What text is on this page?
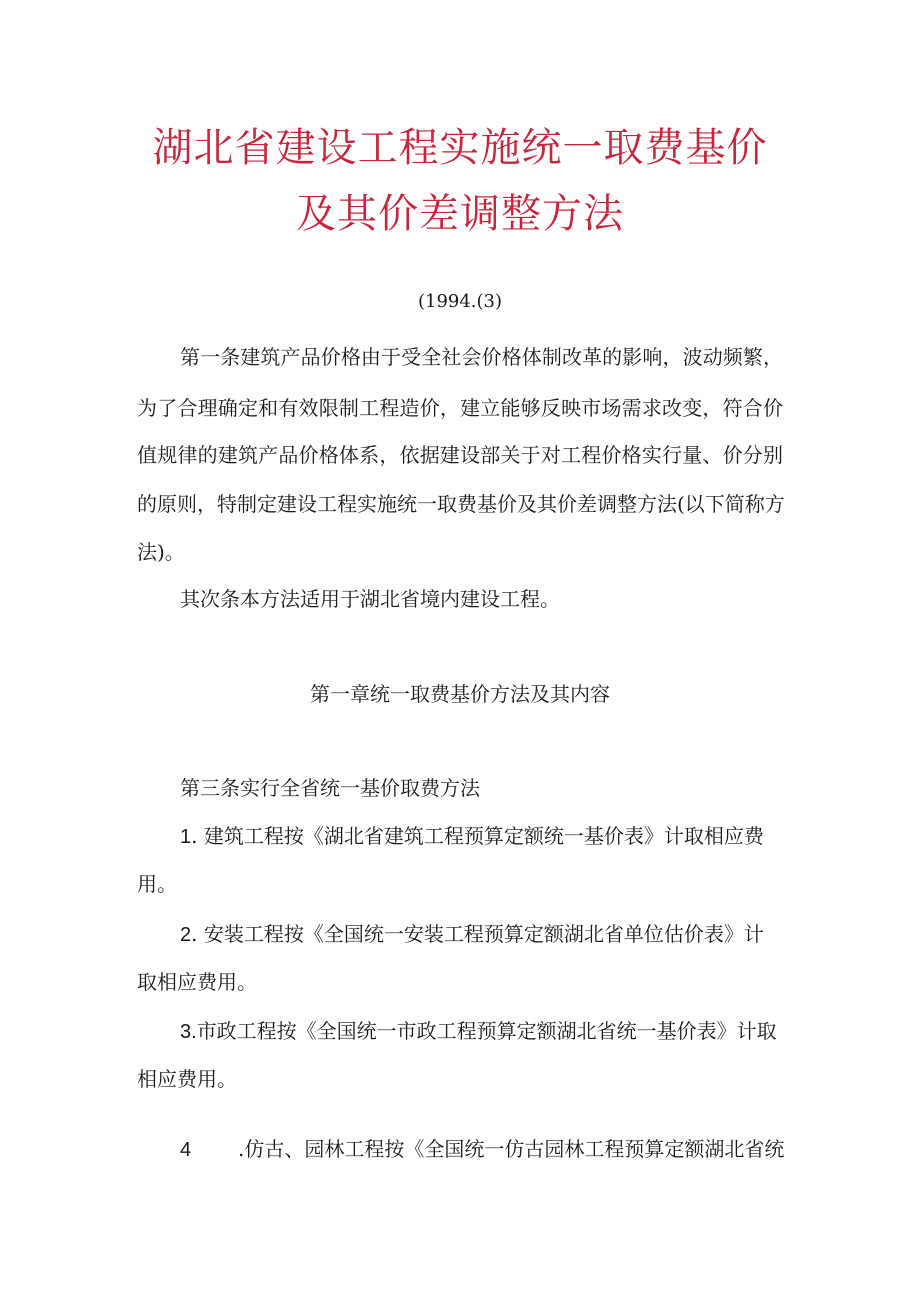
湖北省建设工程实施统一取费基价
及其价差调整方法
(1994.(3)
第一条建筑产品价格由于受全社会价格体制改革的影响，波动频繁，
为了合理确定和有效限制工程造价，建立能够反映市场需求改变，符合价
值规律的建筑产品价格体系，依据建设部关于对工程价格实行量、价分别
的原则，特制定建设工程实施统一取费基价及其价差调整方法(以下简称方
法)。
其次条本方法适用于湖北省境内建设工程。
第一章统一取费基价方法及其内容
第三条实行全省统一基价取费方法
1. 建筑工程按《湖北省建筑工程预算定额统一基价表》计取相应费
用。
2. 安装工程按《全国统一安装工程预算定额湖北省单位估价表》计
取相应费用。
3.市政工程按《全国统一市政工程预算定额湖北省统一基价表》计取
相应费用。
4 .仿古、园林工程按《全国统一仿古园林工程预算定额湖北省统
